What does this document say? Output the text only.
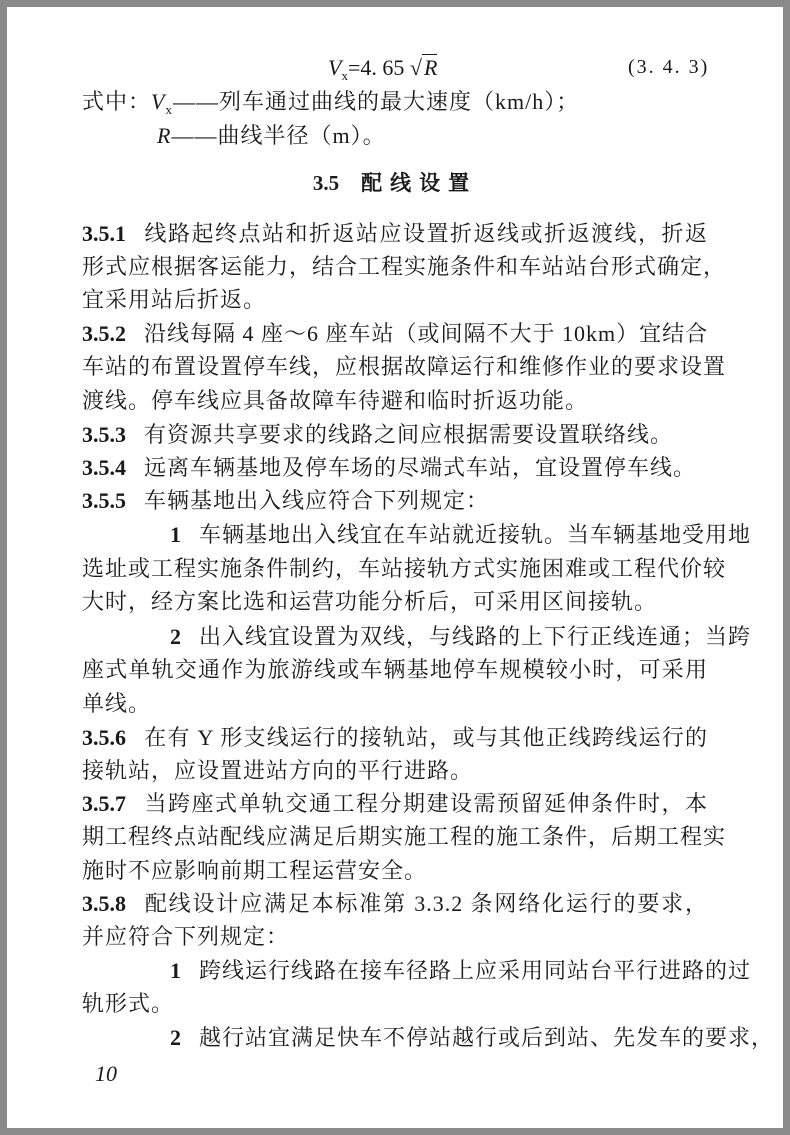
$V_x=4$. 65 √R	(3. 4. 3)
式中：$V_x——$列车通过曲线的最大速度（km/h）；
R——曲线半径（m）。
3.5 配线设置
3.5.1 线路起终点站和折返站应设置折返线或折返渡线，折返
形式应根据客运能力，结合工程实施条件和车站站台形式确定，
宜采用站后折返。
3.5.2 沿线每隔 4 座～6 座车站（或间隔不大于 10km）宜结合
车站的布置设置停车线，应根据故障运行和维修作业的要求设置
渡线。停车线应具备故障车待避和临时折返功能。
3.5.3 有资源共享要求的线路之间应根据需要设置联络线。
3.5.4 远离车辆基地及停车场的尽端式车站，宜设置停车线。
3.5.5 车辆基地出入线应符合下列规定：
1 车辆基地出入线宜在车站就近接轨。当车辆基地受用地
选址或工程实施条件制约，车站接轨方式实施困难或工程代价较
大时，经方案比选和运营功能分析后，可采用区间接轨。
2 出入线宜设置为双线，与线路的上下行正线连通；当跨
座式单轨交通作为旅游线或车辆基地停车规模较小时，可采用
单线。
3.5.6 在有 Y 形支线运行的接轨站，或与其他正线跨线运行的
接轨站，应设置进站方向的平行进路。
3.5.7 当跨座式单轨交通工程分期建设需预留延伸条件时，本
期工程终点站配线应满足后期实施工程的施工条件，后期工程实
施时不应影响前期工程运营安全。
3.5.8 配线设计应满足本标准第 3.3.2 条网络化运行的要求，
并应符合下列规定：
1 跨线运行线路在接车径路上应采用同站台平行进路的过
轨形式。
2 越行站宜满足快车不停站越行或后到站、先发车的要求，
10
